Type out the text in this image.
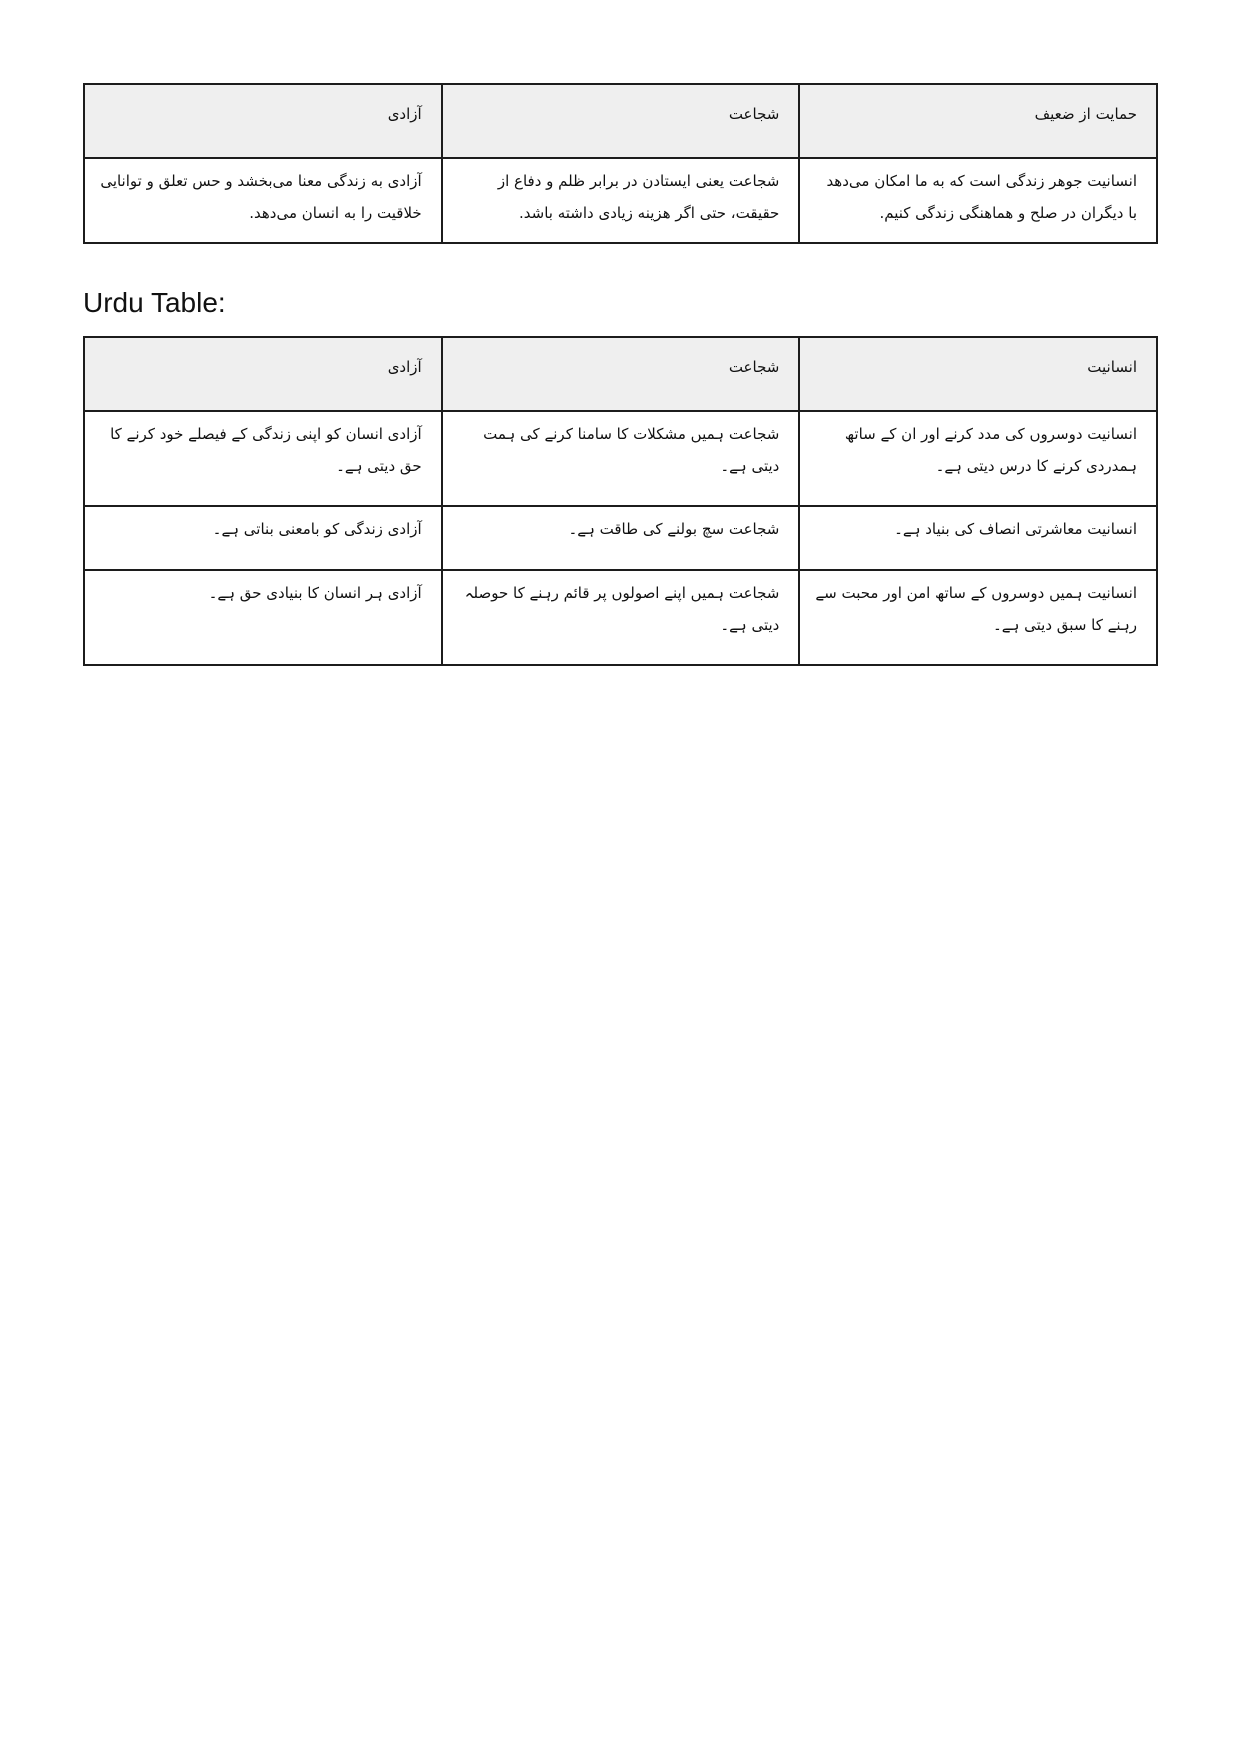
حمایت از ضعیف	شجاعت	آزادی
انسانیت جوهر زندگی است که به ما امکان می‌دهد با دیگران در صلح و هماهنگی زندگی کنیم.	شجاعت یعنی ایستادن در برابر ظلم و دفاع از حقیقت، حتی اگر هزینه زیادی داشته باشد.	آزادی به زندگی معنا می‌بخشد و حس تعلق و توانایی خلاقیت را به انسان می‌دهد.
Urdu Table:
انسانیت	شجاعت	آزادی
انسانیت دوسروں کی مدد کرنے اور ان کے ساتھ ہمدردی کرنے کا درس دیتی ہے۔	شجاعت ہمیں مشکلات کا سامنا کرنے کی ہمت دیتی ہے۔	آزادی انسان کو اپنی زندگی کے فیصلے خود کرنے کا حق دیتی ہے۔
انسانیت معاشرتی انصاف کی بنیاد ہے۔	شجاعت سچ بولنے کی طاقت ہے۔	آزادی زندگی کو بامعنی بناتی ہے۔
انسانیت ہمیں دوسروں کے ساتھ امن اور محبت سے رہنے کا سبق دیتی ہے۔	شجاعت ہمیں اپنے اصولوں پر قائم رہنے کا حوصلہ دیتی ہے۔	آزادی ہر انسان کا بنیادی حق ہے۔
